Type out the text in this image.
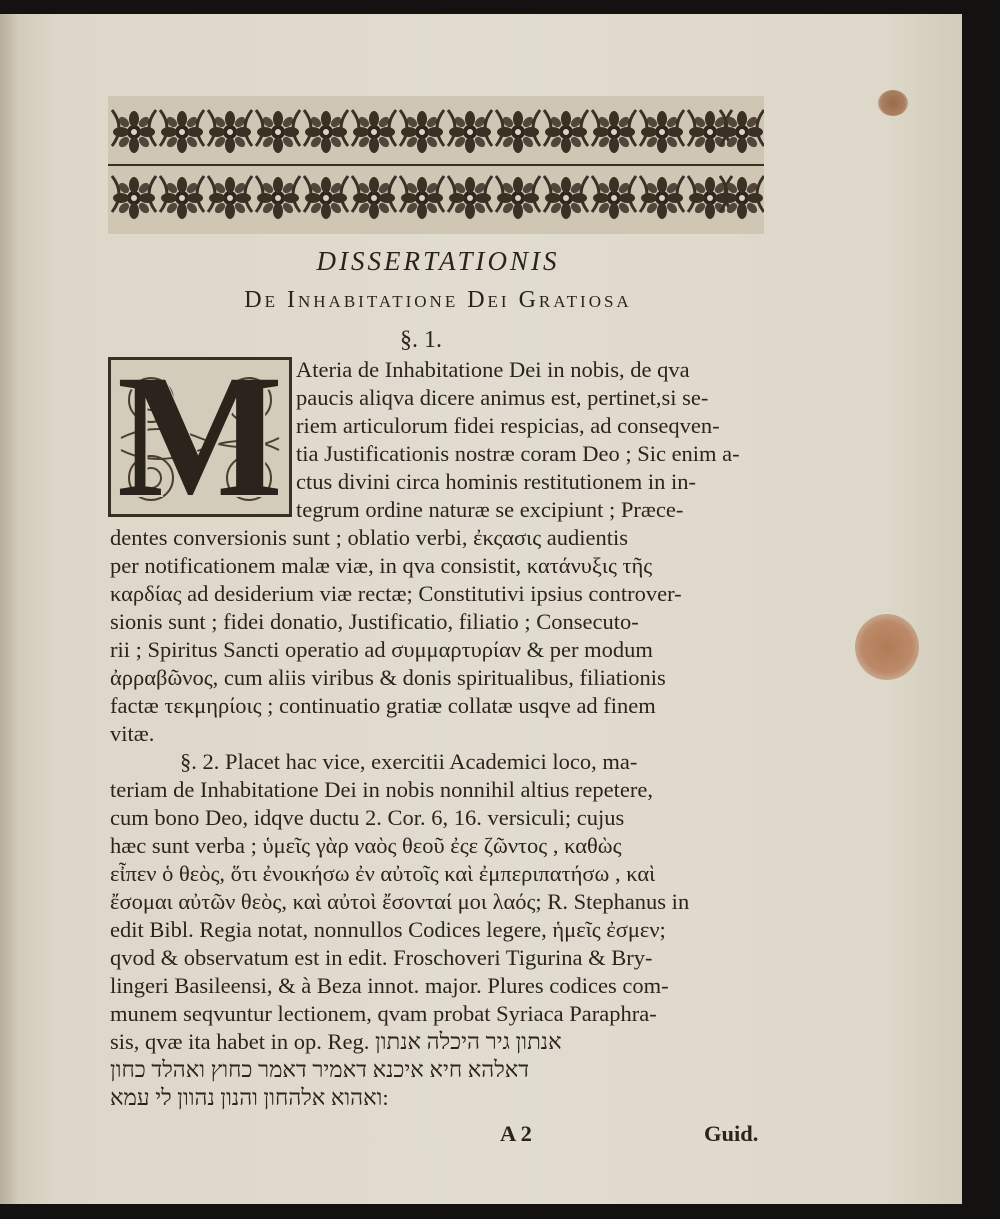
DISSERTATIONIS
De Inhabitatione Dei Gratiosa
§. 1.
M Ateria de Inhabitatione Dei in nobis, de qva
paucis aliqva dicere animus est, pertinet,si se-
riem articulorum fidei respicias, ad conseqven-
tia Justificationis nostræ coram Deo ; Sic enim a-
ctus divini circa hominis restitutionem in in-
tegrum ordine naturæ se excipiunt ; Præce-
dentes conversionis sunt ; oblatio verbi, ἐκςασις audientis
per notificationem malæ viæ, in qva consistit, κατάνυξις τῆς
καρδίας ad desiderium viæ rectæ; Constitutivi ipsius controver-
sionis sunt ; fidei donatio, Justificatio, filiatio ; Consecuto-
rii ; Spiritus Sancti operatio ad συμμαρτυρίαν & per modum
ἀρραβῶνος, cum aliis viribus & donis spiritualibus, filiationis
factæ τεκμηρίοις ; continuatio gratiæ collatæ usqve ad finem
vitæ.
§. 2. Placet hac vice, exercitii Academici loco, ma-
teriam de Inhabitatione Dei in nobis nonnihil altius repetere,
cum bono Deo, idqve ductu 2. Cor. 6, 16. versiculi; cujus
hæc sunt verba ; ὑμεῖς γὰρ ναὸς θεοῦ ἐςε ζῶντος , καθὼς
εἶπεν ὁ θεὸς, ὅτι ἐνοικήσω ἐν αὐτοῖς καὶ ἐμπεριπατήσω , καὶ
ἔσομαι αὐτῶν θεὸς, καὶ αὐτοὶ ἔσονταί μοι λαός; R. Stephanus in
edit Bibl. Regia notat, nonnullos Codices legere, ἡμεῖς ἐσμεν;
qvod & observatum est in edit. Froschoveri Tigurina & Bry-
lingeri Basileensi, & à Beza innot. major. Plures codices com-
munem seqvuntur lectionem, qvam probat Syriaca Paraphra-
sis, qvæ ita habet in op. Reg. אנתון גיר היכלה אנתון
דאלהא חיא איכנא דאמיר דאמר כחוץ ואהלד כחון
ואהוא אלהחון והנון נהוון לי עמא:
A 2	Guid.
